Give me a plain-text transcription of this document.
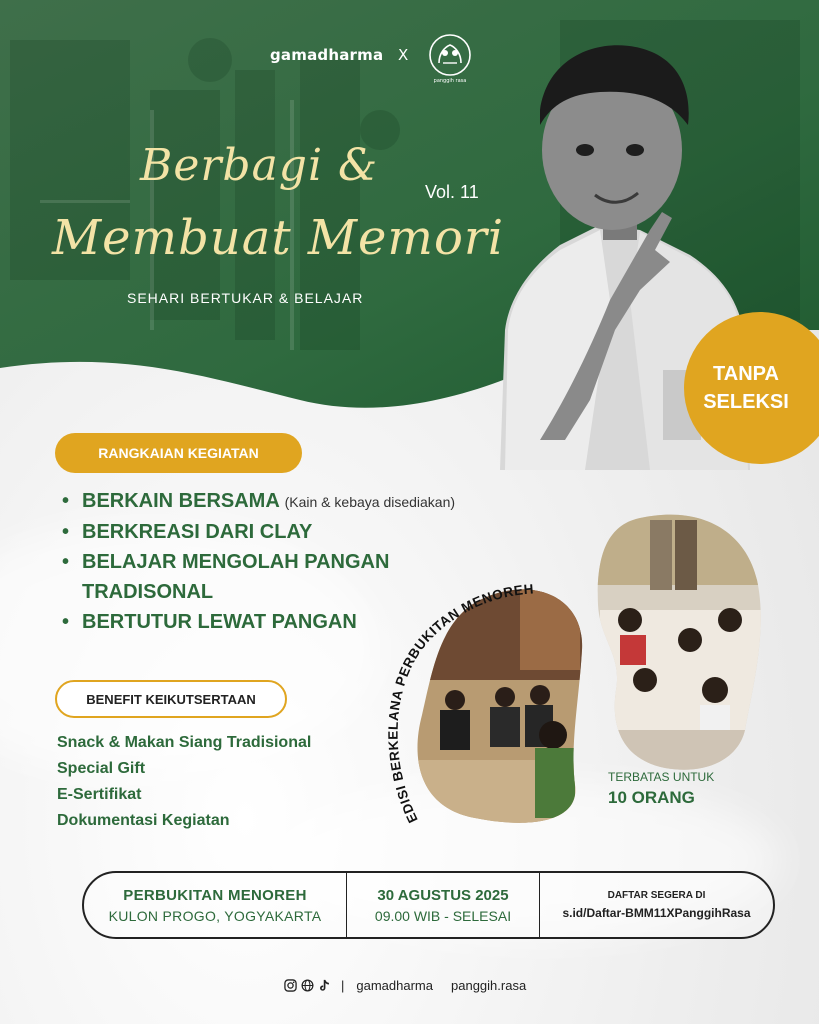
gamadharma X
panggih rasa
Berbagi &
Vol. 11
Membuat Memori
SEHARI BERTUKAR & BELAJAR
TANPA
SELEKSI
RANGKAIAN KEGIATAN
• BERKAIN BERSAMA (Kain & kebaya disediakan)
• BERKREASI DARI CLAY
• BELAJAR MENGOLAH PANGAN TRADISONAL
• BERTUTUR LEWAT PANGAN
BENEFIT KEIKUTSERTAAN
Snack & Makan Siang Tradisional
Special Gift
E-Sertifikat
Dokumentasi Kegiatan	EDISI BERKELANA PERBUKITAN MENOREH
TERBATAS UNTUK
10 ORANG
PERBUKITAN MENOREH
KULON PROGO, YOGYAKARTA
30 AGUSTUS 2025
09.00 WIB - SELESAI
DAFTAR SEGERA DI
s.id/Daftar-BMM11XPanggihRasa
| gamadharma panggih.rasa
